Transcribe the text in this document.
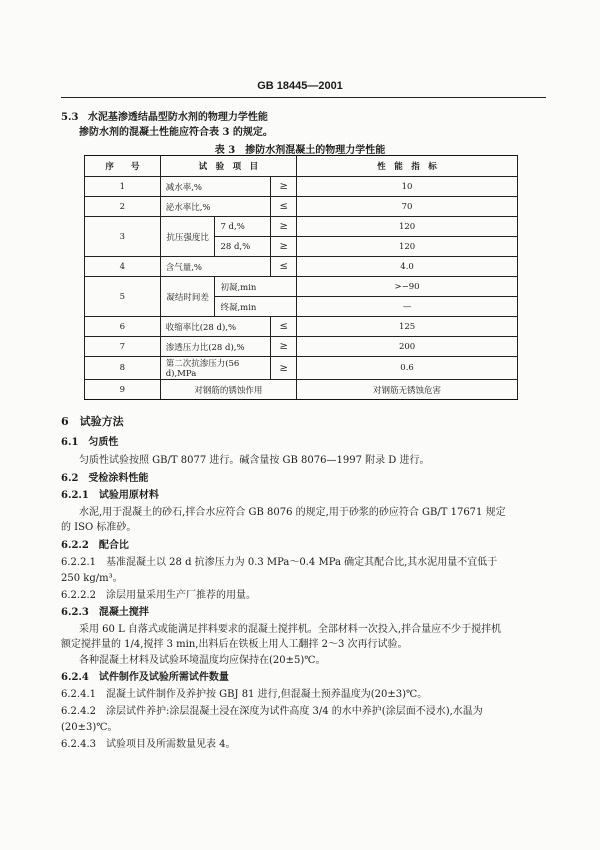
GB 18445—2001
5.3 水泥基渗透结晶型防水剂的物理力学性能
掺防水剂的混凝土性能应符合表 3 的规定。
表 3　掺防水剂混凝土的物理力学性能
序　　号	试　验　项　目			性　能　指　标
1	减水率,%		≥	10
2	泌水率比,%		≤	70
3	抗压强度比	7 d,%	≥	120
		28 d,%	≥	120
4	含气量,%		≤	4.0
5	凝结时间差	初凝,min		>−90
		终凝,min		—
6	收缩率比(28 d),%		≤	125
7	渗透压力比(28 d),%		≥	200
8	第二次抗渗压力(56 d),MPa		≥	0.6
9	对钢筋的锈蚀作用			对钢筋无锈蚀危害
6　试验方法
6.1　匀质性
匀质性试验按照 GB/T 8077 进行。碱含量按 GB 8076—1997 附录 D 进行。
6.2　受检涂料性能
6.2.1　试验用原材料
水泥,用于混凝土的砂石,拌合水应符合 GB 8076 的规定,用于砂浆的砂应符合 GB/T 17671 规定
的 ISO 标准砂。
6.2.2　配合比
6.2.2.1　基准混凝土以 28 d 抗渗压力为 0.3 MPa～0.4 MPa 确定其配合比,其水泥用量不宜低于
250 kg/m³。
6.2.2.2　涂层用量采用生产厂推荐的用量。
6.2.3　混凝土搅拌
采用 60 L 自落式或能满足拌料要求的混凝土搅拌机。全部材料一次投入,拌合量应不少于搅拌机
额定搅拌量的 1/4,搅拌 3 min,出料后在铁板上用人工翻拌 2～3 次再行试验。
各种混凝土材料及试验环境温度均应保持在(20±5)℃。
6.2.4　试件制作及试验所需试件数量
6.2.4.1　混凝土试件制作及养护按 GBJ 81 进行,但混凝土预养温度为(20±3)℃。
6.2.4.2　涂层试件养护:涂层混凝土浸在深度为试件高度 3/4 的水中养护(涂层面不浸水),水温为
(20±3)℃。
6.2.4.3　试验项目及所需数量见表 4。
